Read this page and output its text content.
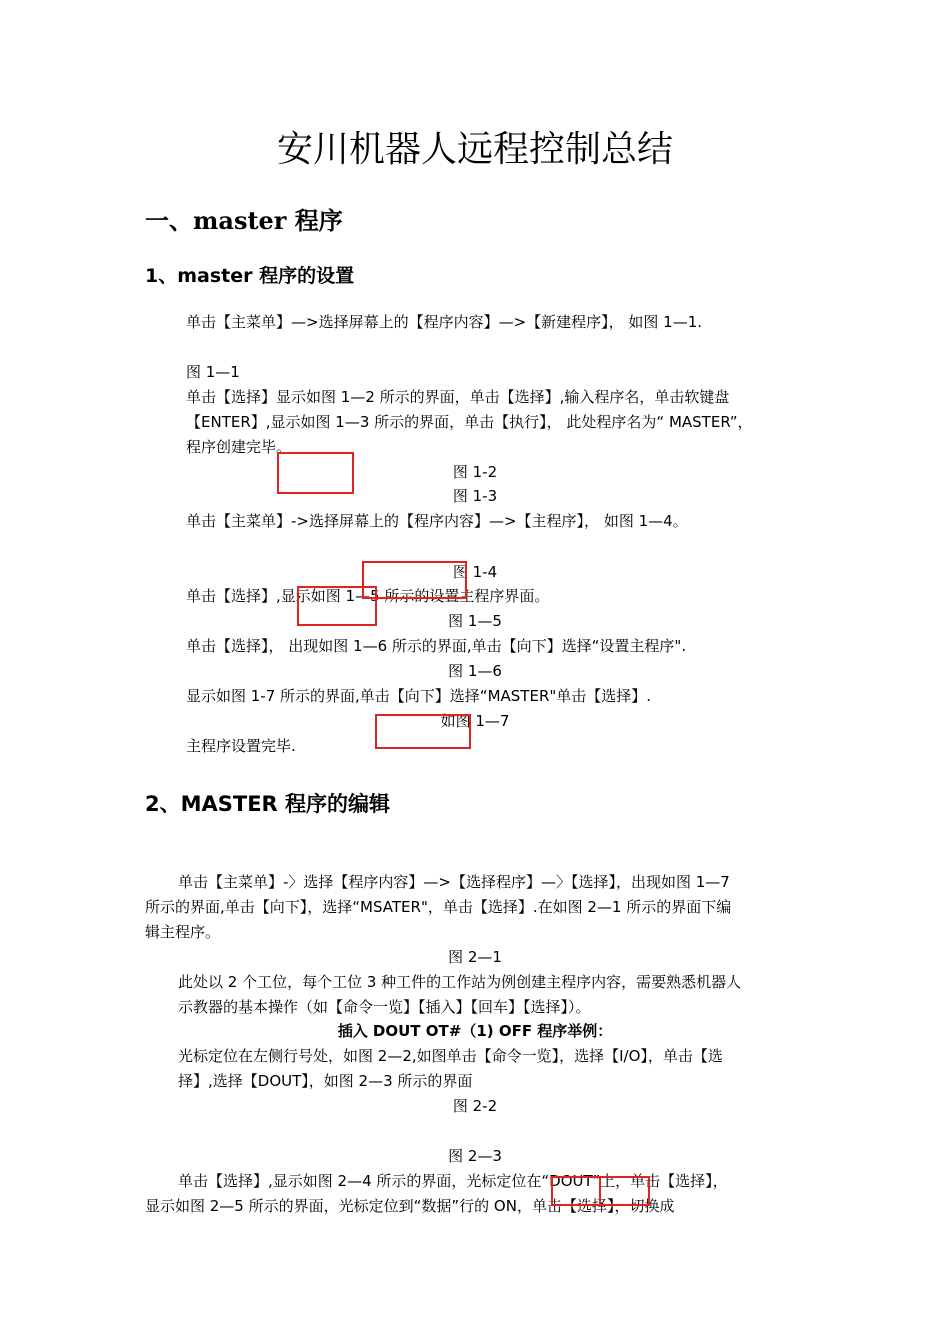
安川机器人远程控制总结
一、master 程序
1、master 程序的设置
单击【主菜单】—>选择屏幕上的【程序内容】—>【新建程序】， 如图 1—1.
图 1—1
单击【选择】显示如图 1—2 所示的界面，单击【选择】,输入程序名，单击软键盘
【ENTER】,显示如图 1—3 所示的界面，单击【执行】， 此处程序名为“ MASTER”，
程序创建完毕。
图 1-2
图 1-3
单击【主菜单】->选择屏幕上的【程序内容】—>【主程序】， 如图 1—4。
图 1-4
单击【选择】,显示如图 1—5 所示的设置主程序界面。
图 1—5
单击【选择】， 出现如图 1—6 所示的界面,单击【向下】选择“设置主程序".
图 1—6
显示如图 1-7 所示的界面,单击【向下】选择“MASTER"单击【选择】.
如图 1—7
主程序设置完毕.
2、MASTER 程序的编辑
单击【主菜单】-〉选择【程序内容】—>【选择程序】—〉【选择】，出现如图 1—7
所示的界面,单击【向下】，选择“MSATER"，单击【选择】.在如图 2—1 所示的界面下编
辑主程序。
图 2—1
此处以 2 个工位，每个工位 3 种工件的工作站为例创建主程序内容，需要熟悉机器人
示教器的基本操作（如【命令一览】【插入】【回车】【选择】）。
插入 DOUT OT#（1) OFF 程序举例：
光标定位在左侧行号处，如图 2—2,如图单击【命令一览】，选择【I/O】，单击【选
择】,选择【DOUT】，如图 2—3 所示的界面
图 2-2
图 2—3
单击【选择】,显示如图 2—4 所示的界面，光标定位在“DOUT”上，单击【选择】，
显示如图 2—5 所示的界面，光标定位到“数据”行的 ON，单击【选择】，切换成
